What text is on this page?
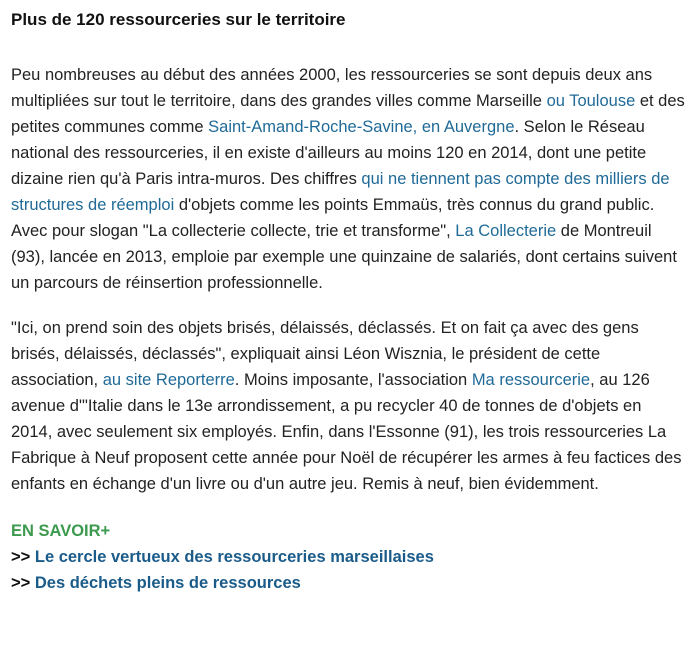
Plus de 120 ressourceries sur le territoire

Peu nombreuses au début des années 2000, les ressourceries se sont depuis deux ans multipliées sur tout le territoire, dans des grandes villes comme Marseille ou Toulouse et des petites communes comme Saint-Amand-Roche-Savine, en Auvergne. Selon le Réseau national des ressourceries, il en existe d'ailleurs au moins 120 en 2014, dont une petite dizaine rien qu'à Paris intra-muros. Des chiffres qui ne tiennent pas compte des milliers de structures de réemploi d'objets comme les points Emmaüs, très connus du grand public. Avec pour slogan "La collecterie collecte, trie et transforme", La Collecterie de Montreuil (93), lancée en 2013, emploie par exemple une quinzaine de salariés, dont certains suivent un parcours de réinsertion professionnelle.

"Ici, on prend soin des objets brisés, délaissés, déclassés. Et on fait ça avec des gens brisés, délaissés, déclassés", expliquait ainsi Léon Wisznia, le président de cette association, au site Reporterre. Moins imposante, l'association Ma ressourcerie, au 126 avenue d'"Italie dans le 13e arrondissement, a pu recycler 40 de tonnes de d'objets en 2014, avec seulement six employés. Enfin, dans l'Essonne (91), les trois ressourceries La Fabrique à Neuf proposent cette année pour Noël de récupérer les armes à feu factices des enfants en échange d'un livre ou d'un autre jeu. Remis à neuf, bien évidemment.

EN SAVOIR+
>> Le cercle vertueux des ressourceries marseillaises
>> Des déchets pleins de ressources
